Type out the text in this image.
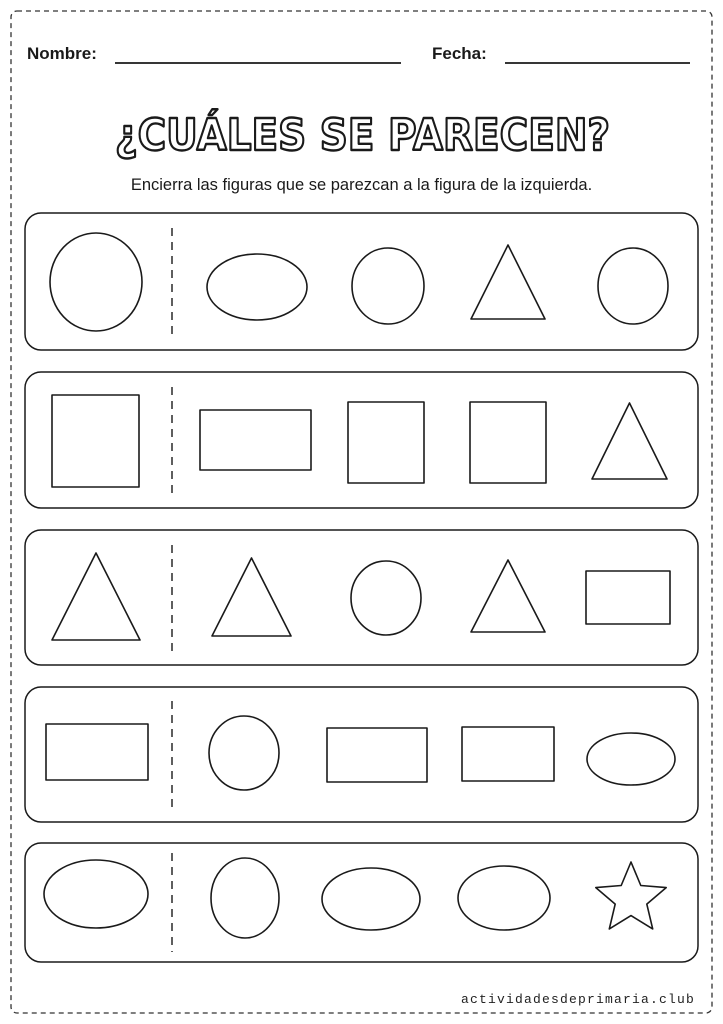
¿CUÁLES SE PARECEN?
Nombre:	Fecha:
Encierra las figuras que se parezcan a la figura de la izquierda.
actividadesdeprimaria.club
